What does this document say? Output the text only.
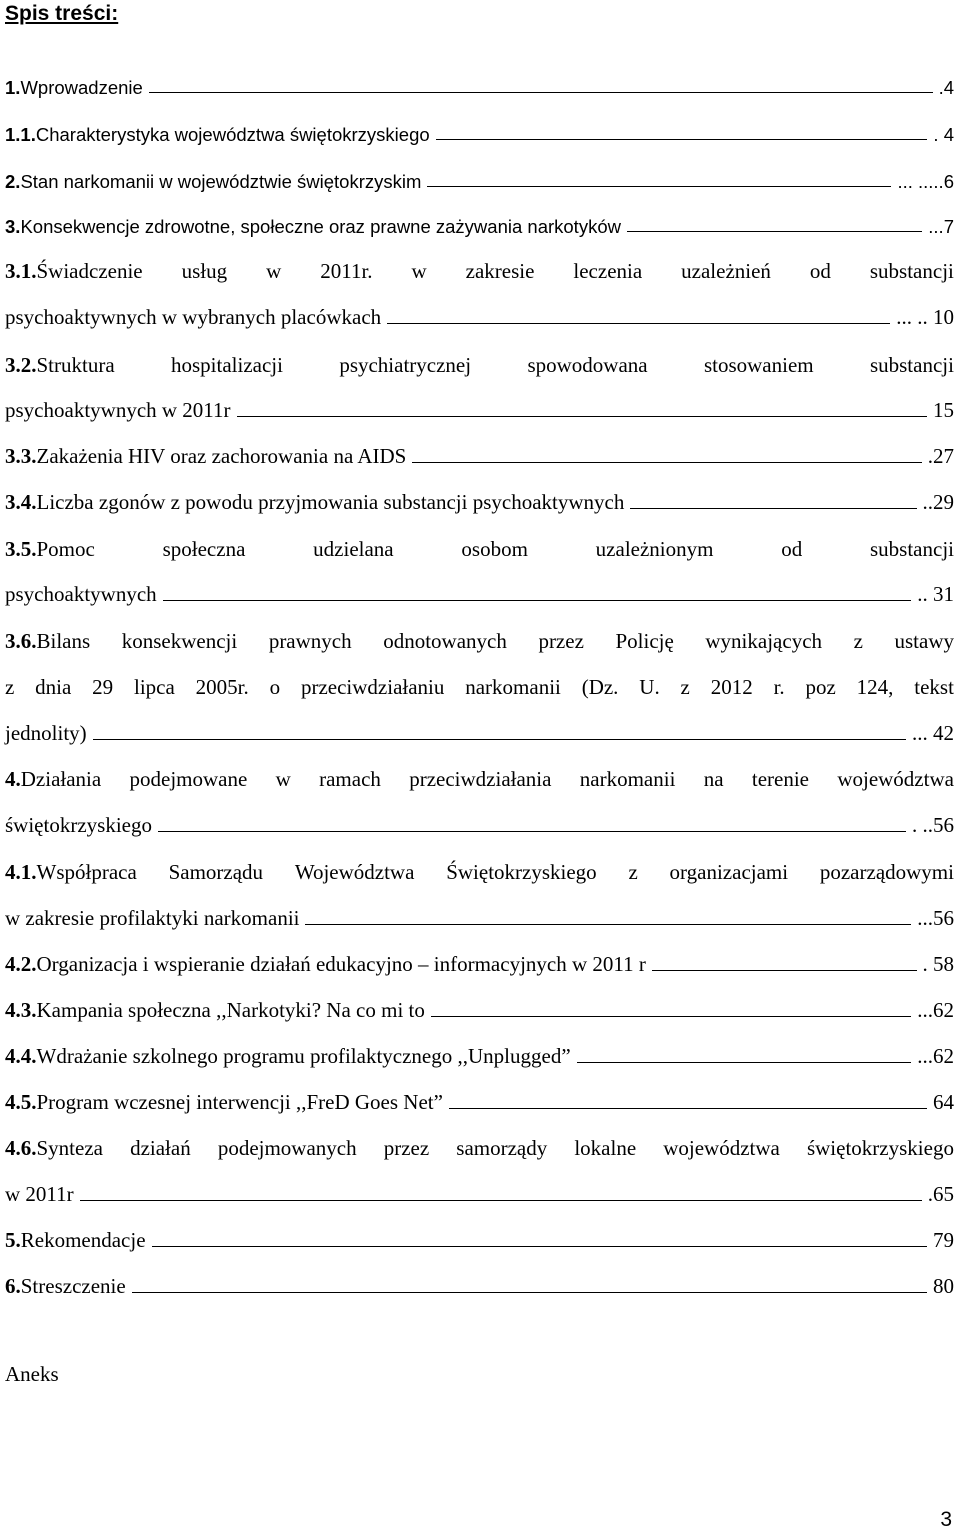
Spis treści:
1. Wprowadzenie	.4
1.1. Charakterystyka województwa świętokrzyskiego	. 4
2. Stan narkomanii w województwie świętokrzyskim	... .....6
3. Konsekwencje zdrowotne, społeczne oraz prawne zażywania narkotyków	...7
3.1.Świadczenie usług w 2011r. w zakresie leczenia uzależnień od substancji
psychoaktywnych w wybranych placówkach	... .. 10
3.2.Struktura	hospitalizacji	psychiatrycznej	spowodowana	stosowaniem	substancji
psychoaktywnych w 2011r	15
3.3. Zakażenia HIV oraz zachorowania na AIDS	.27
3.4. Liczba zgonów z powodu przyjmowania substancji psychoaktywnych	..29
3.5.Pomoc	społeczna	udzielana	osobom	uzależnionym	od	substancji
psychoaktywnych	.. 31
3.6.Bilans konsekwencji prawnych odnotowanych przez Policję wynikających z ustawy
z dnia 29 lipca 2005r. o przeciwdziałaniu narkomanii (Dz. U. z 2012 r. poz 124, tekst
jednolity)	... 42
4.Działania podejmowane w ramach przeciwdziałania narkomanii na terenie województwa
świętokrzyskiego	. ..56
4.1.Współpraca Samorządu Województwa Świętokrzyskiego z organizacjami pozarządowymi
w zakresie profilaktyki narkomanii	...56
4.2. Organizacja i wspieranie działań edukacyjno – informacyjnych w 2011 r	. 58
4.3. Kampania społeczna ,,Narkotyki? Na co mi to	...62
4.4. Wdrażanie szkolnego programu profilaktycznego ,,Unplugged”	...62
4.5. Program wczesnej interwencji ,,FreD Goes Net”	64
4.6.Synteza działań podejmowanych przez samorządy lokalne województwa świętokrzyskiego
w 2011r	.65
5. Rekomendacje	79
6. Streszczenie	80
Aneks
3
